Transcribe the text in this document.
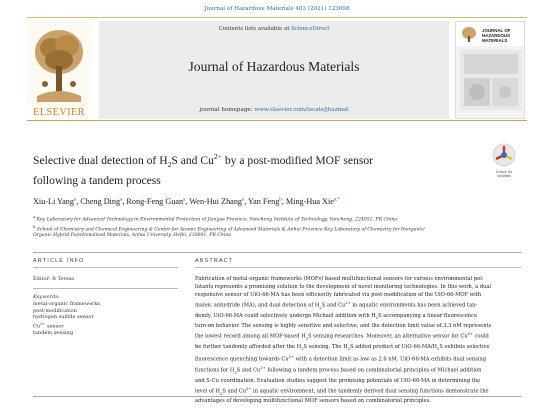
Journal of Hazardous Materials 403 (2021) 123698
ELSEVIER
Contents lists available at ScienceDirect
Journal of Hazardous Materials
journal homepage: www.elsevier.com/locate/jhazmat
JOURNAL OF
HAZARDOUS
MATERIALS
Selective dual detection of $H_2S$ and $Cu^{2+}$ by a post-modified MOF sensor
following a tandem process
Check for
updates
Xiu-Li Yang$^a$, Cheng Ding$^a$, Rong-Feng Guan$^a$, Wen-Hui Zhang$^a$, Yan Feng$^b$, Ming-Hua Xie$^{a,*}$
$^a$ Key Laboratory for Advanced Technology in Environmental Protection of Jiangsu Province, Yancheng Institute of Technology, Yancheng, 224051, PR China
$^b$ School of Chemistry and Chemical Engineering & Center for Atomic Engineering of Advanced Materials & Anhui Province Key Laboratory of Chemistry for Inorganic/
Organic Hybrid Functionalized Materials, Anhui University, Hefei, 230601, PR China
ARTICLE INFO	ABSTRACT
Editor: R Teresa
Keywords:
metal-organic frameworks
post-modification
hydrogen sulfide sensor
$Cu^{2+}$ sensor
tandem sensing
Fabrication of metal-organic frameworks (MOFs) based multifunctional sensors for various environmental pol-
lutants represents a promising solution to the development of novel monitoring technologies. In this work, a dual
responsive sensor of UiO-66-MA has been efficiently fabricated via post-modification of the UiO-66-MOF with
maleic anhydride (MA), and dual detection of $H_2S$ and $Cu^{2+}$ in aquatic environments has been achieved tan-
demly. UiO-66-MA could selectively undergo Michael addition with $H_2S$ accompanying a linear fluorescence
turn-on behavior. The sensing is highly sensitive and selective, and the detection limit value of 3.3 nM represents
the lowest record among all MOF-based $H_2S$ sensing researches. Moreover, an alternative sensor for $Cu^{2+}$ could
be further tandemly afforded after the $H_2S$ sensing. The $H_2S$ added product of UiO-$66-MA/H_2S$ exhibits selective
fluorescence quenching towards $Cu^{2+}$ with a detection limit as low as 2.6 nM. UiO-66-MA exhibits dual sensing
functions for $H_2S$ and $Cu^{2+}$ following a tandem process based on combinatorial principles of Michael addition
and S-Cu coordination. Evaluation studies suggest the promising potentials of UiO-66-MA in determining the
level of $H_2S$ and $Cu^{2+}$ in aquatic environment, and the tandemly derived dual sensing functions demonstrate the
advantages of developing multifunctional MOF sensors based on combinatorial principles.
